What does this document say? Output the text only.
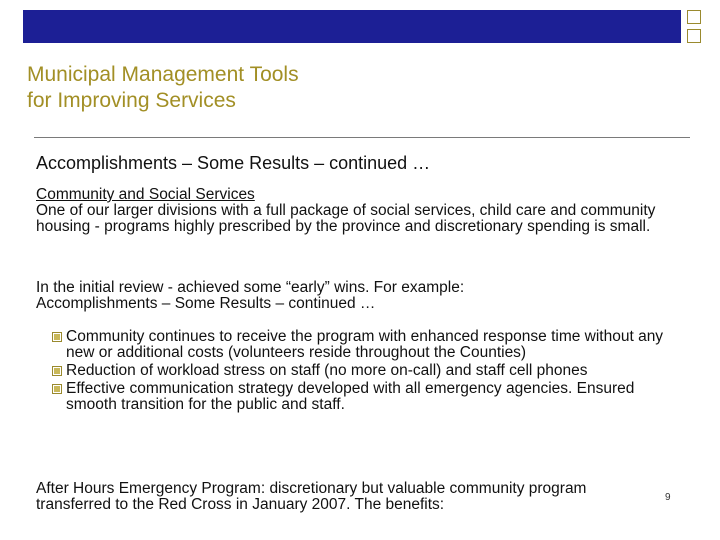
Municipal Management Tools
for Improving Services
Accomplishments – Some Results – continued …
Community and Social Services
One of our larger divisions with a full package of social services, child care and community housing - programs highly prescribed by the province and discretionary spending is small.
In the initial review - achieved some “early” wins. For example:
Accomplishments – Some Results – continued …
Community continues to receive the program with enhanced response time without any new or additional costs (volunteers reside throughout the Counties)
Reduction of workload stress on staff (no more on-call) and staff cell phones
Effective communication strategy developed with all emergency agencies. Ensured smooth transition for the public and staff.
After Hours Emergency Program: discretionary but valuable community program transferred to the Red Cross in January 2007. The benefits:	9
